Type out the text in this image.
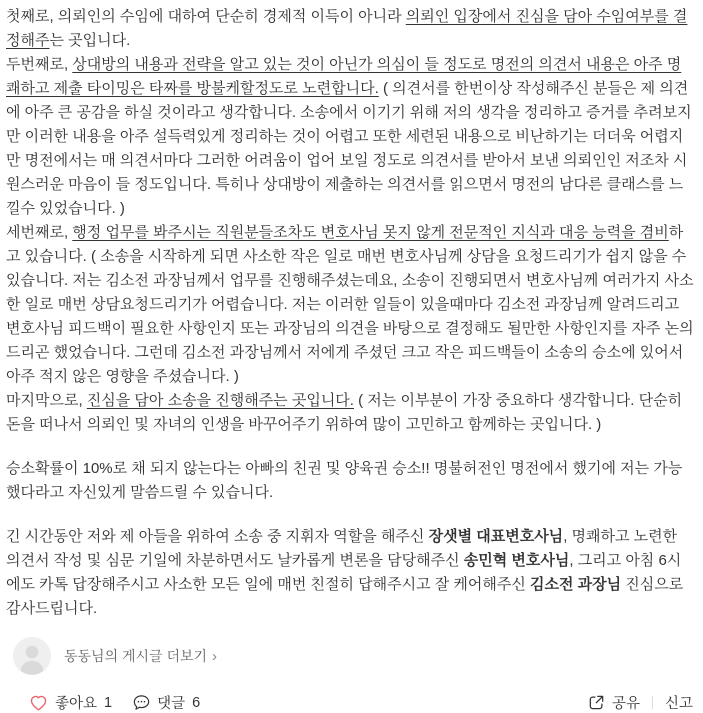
첫째로, 의뢰인의 수임에 대하여 단순히 경제적 이득이 아니라 의뢰인 입장에서 진심을 담아 수임여부를 결정해주는 곳입니다.

두번째로, 상대방의 내용과 전략을 알고 있는 것이 아닌가 의심이 들 정도로 명전의 의견서 내용은 아주 명쾌하고 제출 타이밍은 타짜를 방불케할정도로 노련합니다. ( 의견서를 한번이상 작성해주신 분들은 제 의견에 아주 큰 공감을 하실 것이라고 생각합니다. 소송에서 이기기 위해 저의 생각을 정리하고 증거를 추려보지만 이러한 내용을 아주 설득력있게 정리하는 것이 어렵고 또한 세련된 내용으로 비난하기는 더더욱 어렵지만 명전에서는 매 의견서마다 그러한 어려움이 업어 보일 정도로 의견서를 받아서 보낸 의뢰인인 저조차 시원스러운 마음이 들 정도입니다. 특히나 상대방이 제출하는 의견서를 읽으면서 명전의 남다른 클래스를 느낄수 있었습니다. )

세번째로, 행정 업무를 봐주시는 직원분들조차도 변호사님 못지 않게 전문적인 지식과 대응 능력을 겸비하고 있습니다. ( 소송을 시작하게 되면 사소한 작은 일로 매번 변호사님께 상담을 요청드리기가 쉽지 않을 수 있습니다. 저는 김소전 과장님께서 업무를 진행해주셨는데요, 소송이 진행되면서 변호사님께 여러가지 사소한 일로 매번 상담요청드리기가 어렵습니다. 저는 이러한 일들이 있을때마다 김소전 과장님께 알려드리고 변호사님 피드백이 필요한 사항인지 또는 과장님의 의견을 바탕으로 결정해도 될만한 사항인지를 자주 논의드리곤 했었습니다. 그런데 김소전 과장님께서 저에게 주셨던 크고 작은 피드백들이 소송의 승소에 있어서 아주 적지 않은 영향을 주셨습니다. )

마지막으로, 진심을 담아 소송을 진행해주는 곳입니다. ( 저는 이부분이 가장 중요하다 생각합니다. 단순히 돈을 떠나서 의뢰인 및 자녀의 인생을 바꾸어주기 위하여 많이 고민하고 함께하는 곳입니다. )

승소확률이 10%로 채 되지 않는다는 아빠의 친권 및 양육권 승소!! 명불허전인 명전에서 했기에 저는 가능했다라고 자신있게 말씀드릴 수 있습니다.

긴 시간동안 저와 제 아들을 위하여 소송 중 지휘자 역할을 해주신 장샛별 대표변호사님, 명쾌하고 노련한 의견서 작성 및 심문 기일에 차분하면서도 날카롭게 변론을 담당해주신 송민혁 변호사님, 그리고 아침 6시에도 카톡 답장해주시고 사소한 모든 일에 매번 친절히 답해주시고 잘 케어해주신 김소전 과장님 진심으로 감사드립니다.

동동님의 게시글 더보기 ›
좋아요 1	댓글 6	공유 신고
